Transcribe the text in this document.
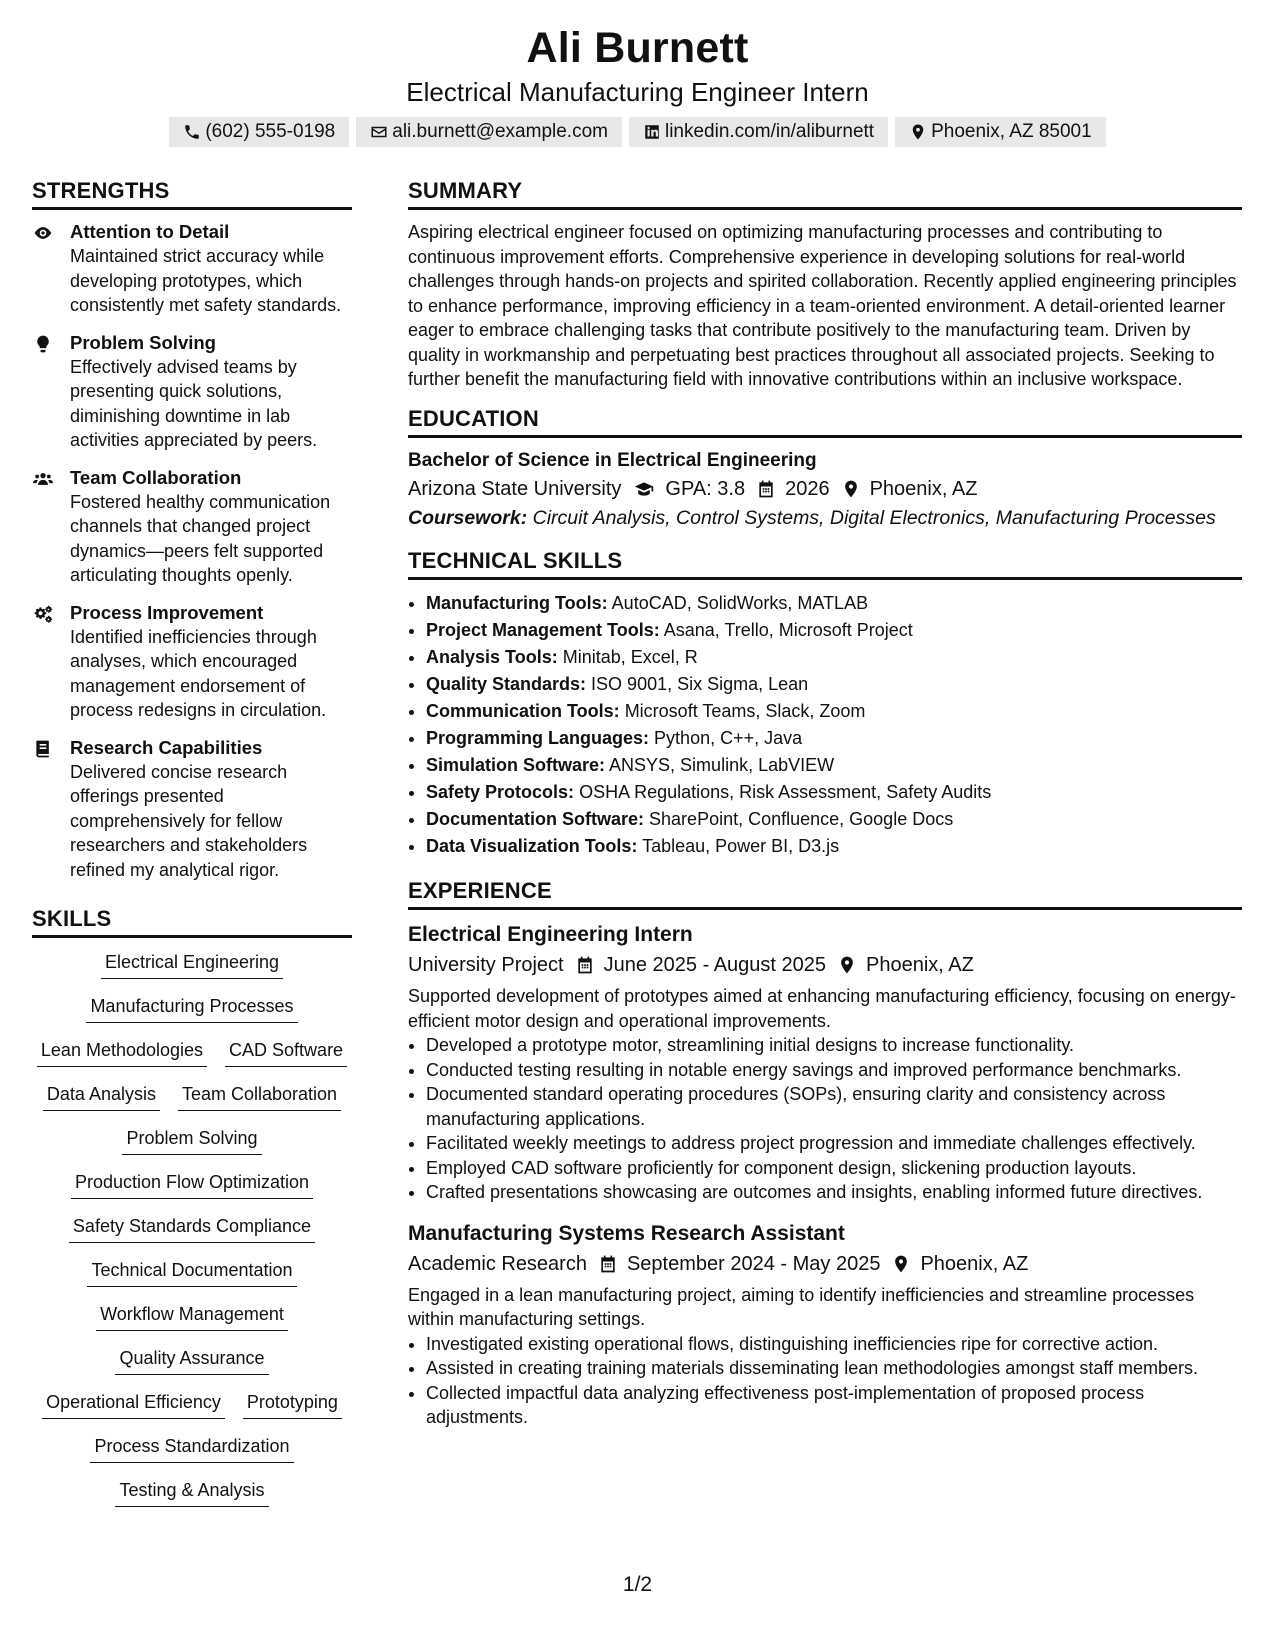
Ali Burnett
Electrical Manufacturing Engineer Intern
(602) 555-0198	ali.burnett@example.com	linkedin.com/in/aliburnett	Phoenix, AZ 85001
STRENGTHS
Attention to Detail
Maintained strict accuracy while developing prototypes, which consistently met safety standards.
Problem Solving
Effectively advised teams by presenting quick solutions, diminishing downtime in lab activities appreciated by peers.
Team Collaboration
Fostered healthy communication channels that changed project dynamics—peers felt supported articulating thoughts openly.
Process Improvement
Identified inefficiencies through analyses, which encouraged management endorsement of process redesigns in circulation.
Research Capabilities
Delivered concise research offerings presented comprehensively for fellow researchers and stakeholders refined my analytical rigor.
SKILLS
Electrical Engineering
Manufacturing Processes
Lean Methodologies CAD Software
Data Analysis Team Collaboration
Problem Solving
Production Flow Optimization
Safety Standards Compliance
Technical Documentation
Workflow Management
Quality Assurance
Operational Efficiency Prototyping
Process Standardization
Testing & Analysis
SUMMARY
Aspiring electrical engineer focused on optimizing manufacturing processes and contributing to continuous improvement efforts. Comprehensive experience in developing solutions for real-world challenges through hands-on projects and spirited collaboration. Recently applied engineering principles to enhance performance, improving efficiency in a team-oriented environment. A detail-oriented learner eager to embrace challenging tasks that contribute positively to the manufacturing team. Driven by quality in workmanship and perpetuating best practices throughout all associated projects. Seeking to further benefit the manufacturing field with innovative contributions within an inclusive workspace.
EDUCATION
Bachelor of Science in Electrical Engineering
Arizona State University GPA: 3.8 2026 Phoenix, AZ
Coursework: Circuit Analysis, Control Systems, Digital Electronics, Manufacturing Processes
TECHNICAL SKILLS
• Manufacturing Tools: AutoCAD, SolidWorks, MATLAB
• Project Management Tools: Asana, Trello, Microsoft Project
• Analysis Tools: Minitab, Excel, R
• Quality Standards: ISO 9001, Six Sigma, Lean
• Communication Tools: Microsoft Teams, Slack, Zoom
• Programming Languages: Python, C++, Java
• Simulation Software: ANSYS, Simulink, LabVIEW
• Safety Protocols: OSHA Regulations, Risk Assessment, Safety Audits
• Documentation Software: SharePoint, Confluence, Google Docs
• Data Visualization Tools: Tableau, Power BI, D3.js
EXPERIENCE
Electrical Engineering Intern
University Project June 2025 - August 2025 Phoenix, AZ
Supported development of prototypes aimed at enhancing manufacturing efficiency, focusing on energy-efficient motor design and operational improvements.
• Developed a prototype motor, streamlining initial designs to increase functionality.
• Conducted testing resulting in notable energy savings and improved performance benchmarks.
• Documented standard operating procedures (SOPs), ensuring clarity and consistency across manufacturing applications.
• Facilitated weekly meetings to address project progression and immediate challenges effectively.
• Employed CAD software proficiently for component design, slickening production layouts.
• Crafted presentations showcasing are outcomes and insights, enabling informed future directives.
Manufacturing Systems Research Assistant
Academic Research September 2024 - May 2025 Phoenix, AZ
Engaged in a lean manufacturing project, aiming to identify inefficiencies and streamline processes within manufacturing settings.
• Investigated existing operational flows, distinguishing inefficiencies ripe for corrective action.
• Assisted in creating training materials disseminating lean methodologies amongst staff members.
• Collected impactful data analyzing effectiveness post-implementation of proposed process adjustments.
1/2
